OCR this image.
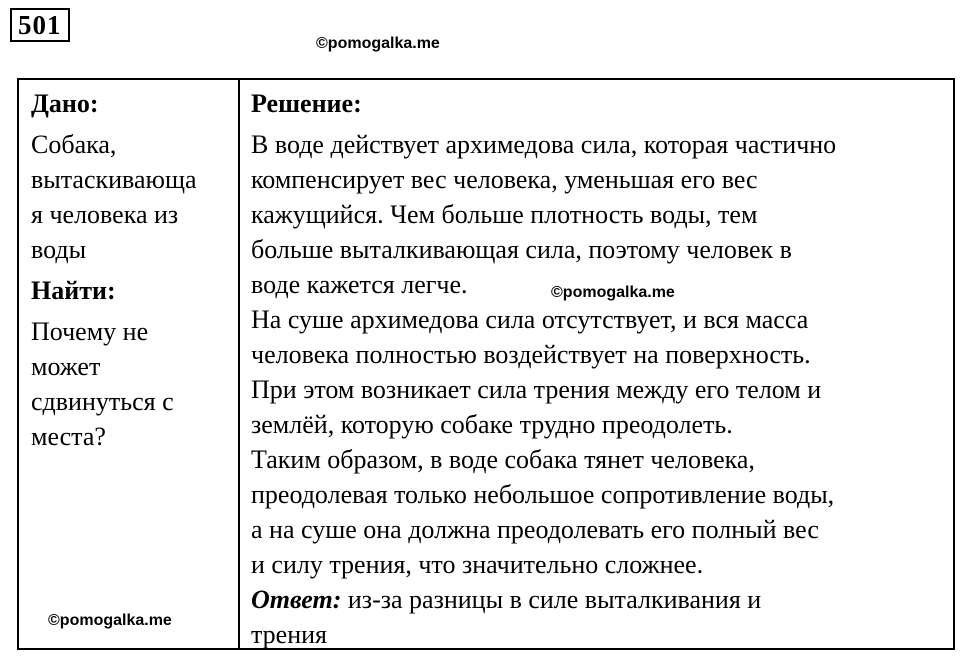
501
©pomogalka.me

Дано:

Собака,
вытаскивающа
я человека из
воды

Найти:

Почему не
может
сдвинуться с
места?

Решение:

В воде действует архимедова сила, которая частично
компенсирует вес человека, уменьшая его вес
кажущийся. Чем больше плотность воды, тем
больше выталкивающая сила, поэтому человек в
воде кажется легче.
На суше архимедова сила отсутствует, и вся масса
человека полностью воздействует на поверхность.
При этом возникает сила трения между его телом и
землёй, которую собаке трудно преодолеть.
Таким образом, в воде собака тянет человека,
преодолевая только небольшое сопротивление воды,
а на суше она должна преодолевать его полный вес
и силу трения, что значительно сложнее.
Ответ: из-за разницы в силе выталкивания и
трения
©pomogalka.me
©pomogalka.me
